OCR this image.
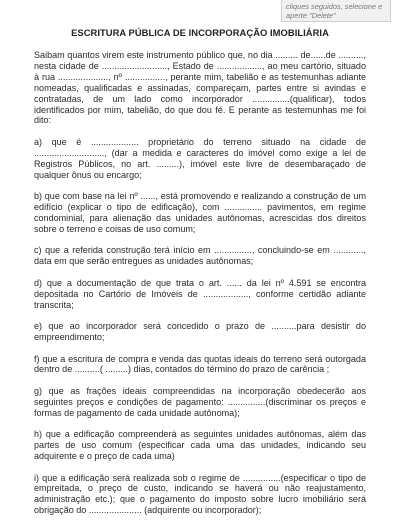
cliques seguidos, selecione e
aperte "Delete"
ESCRITURA PÚBLICA DE INCORPORAÇÃO IMOBILIÁRIA

Saibam quantos virem este instrumento público que, no dia ......... de......de .........., nesta cidade de .........................., Estado de .................., ao meu cartório, situado à rua ...................., nº ................, perante mim, tabelião e as testemunhas adiante nomeadas, qualificadas e assinadas, compareçam, partes entre si avindas e contratadas, de um lado como incorporador ...............(qualificar), todos identificados por mim, tabelião, do que dou fé. E perante as testemunhas me foi dito:

a) que é ................... proprietário do terreno situado na cidade de ............................, (dar a medida e caracteres do imóvel como exige a lei de Registros Públicos, no art. .........), imóvel este livre de desembaraçado de qualquer ônus ou encargo;

b) que com base na lei nº ......, está promovendo e realizando a construção de um edifício (explicar o tipo de edificação), com ............... pavimentos, em regime condominial, para alienação das unidades autônomas, acrescidas dos direitos sobre o terreno e coisas de uso comum;

c) que a referida construção terá início em ..............., concluindo-se em ............, data em que serão entregues as unidades autônomas;

d) que a documentação de que trata o art. ...... da lei nº 4.591 se encontra depositada no Cartório de Imóveis de .................., conforme certidão adiante transcrita;

e) que ao incorporador será concedido o prazo de ..........para desistir do empreendimento;

f) que a escritura de compra e venda das quotas ideais do terreno será outorgada dentro de ..........( .........) dias, contados do término do prazo de carência ;

g) que as frações ideais compreendidas na incorporação obedecerão aos seguintes preços e condições de pagamento: ...............(discriminar os preços e formas de pagamento de cada unidade autônoma);

h) que a edificação compreenderá as seguintes unidades autônomas, além das partes de uso comum (especificar cada uma das unidades, indicando seu adquirente e o preço de cada uma)

i) que a edificação será realizada sob o regime de ...............(especificar o tipo de empreitada, o preço de custo, indicando se haverá ou não reajustamento, administração etc.); que o pagamento do imposto sobre lucro imobiliário será obrigação do ..................... (adquirente ou incorporador);
